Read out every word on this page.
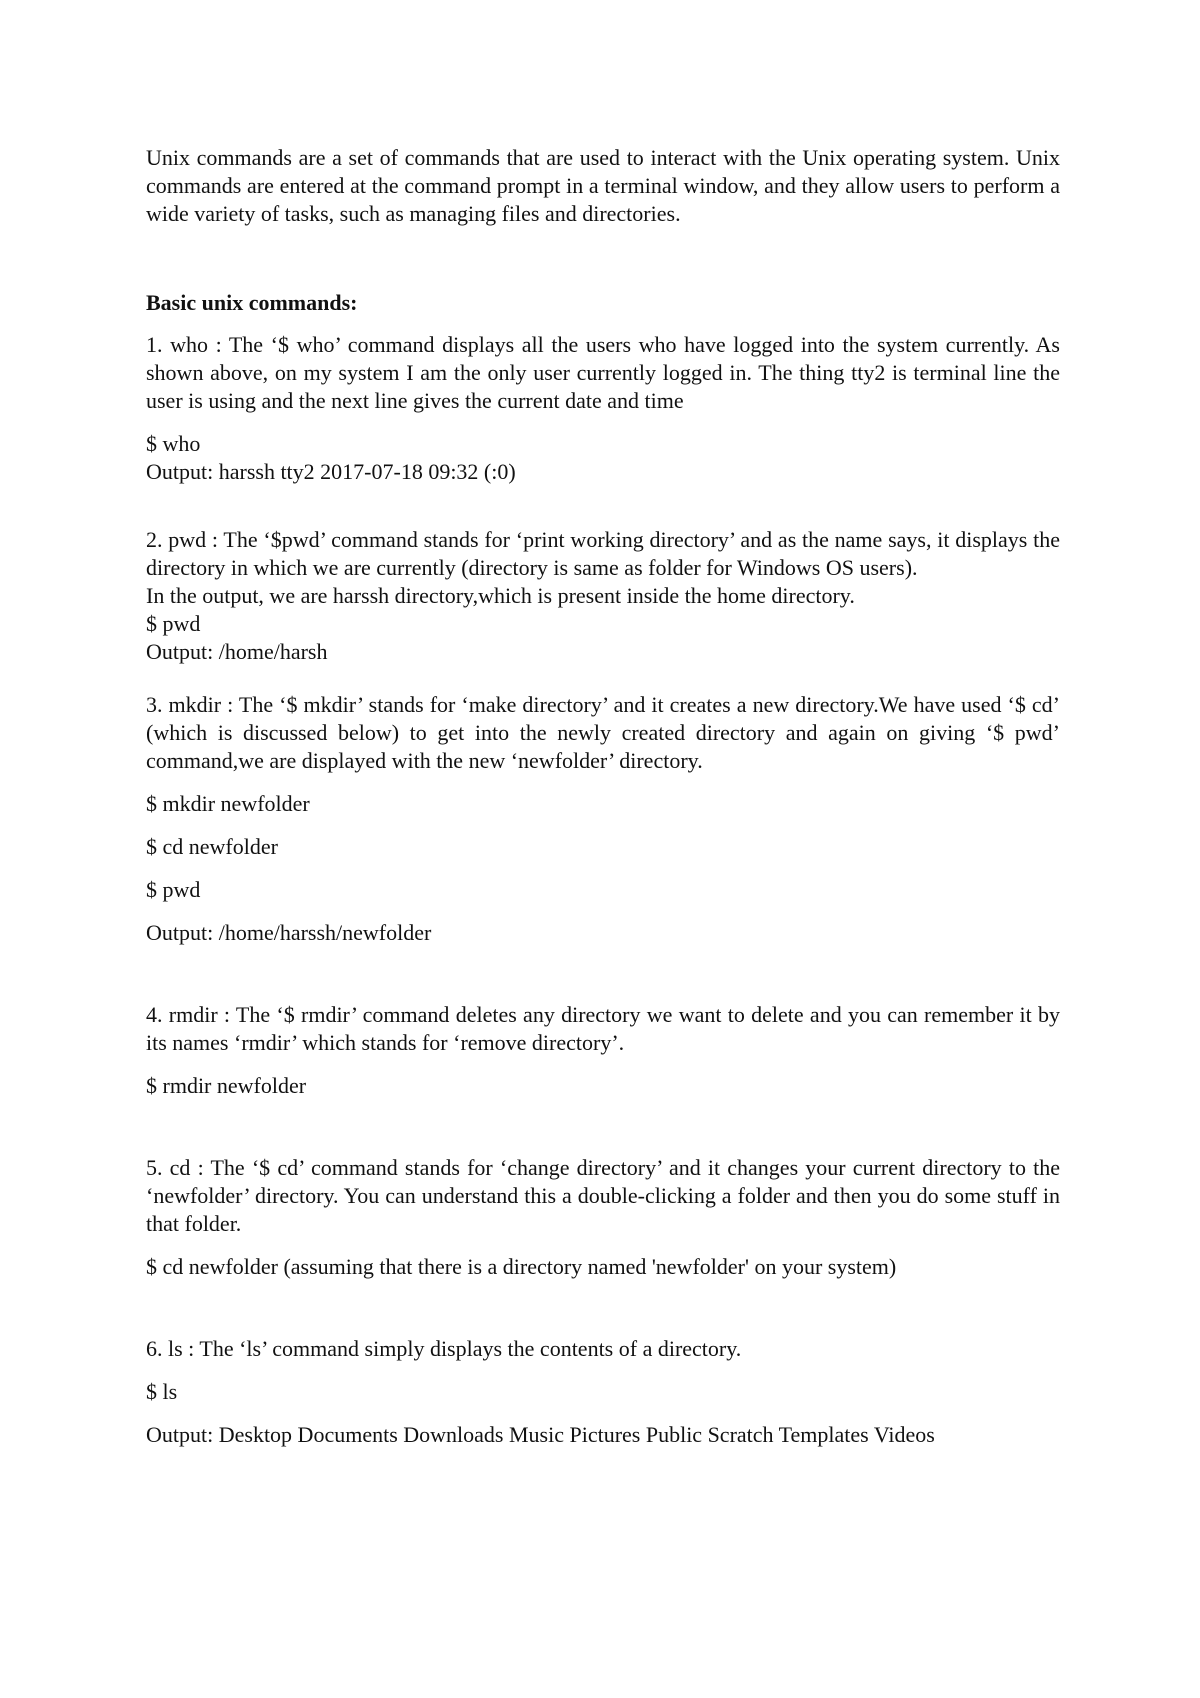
Unix commands are a set of commands that are used to interact with the Unix operating system. Unix commands are entered at the command prompt in a terminal window, and they allow users to perform a wide variety of tasks, such as managing files and directories.

Basic unix commands:

1. who : The ‘$ who’ command displays all the users who have logged into the system currently. As shown above, on my system I am the only user currently logged in. The thing tty2 is terminal line the user is using and the next line gives the current date and time

$ who

Output: harssh tty2 2017-07-18 09:32 (:0)

2. pwd : The ‘$pwd’ command stands for ‘print working directory’ and as the name says, it displays the directory in which we are currently (directory is same as folder for Windows OS users).

In the output, we are harssh directory,which is present inside the home directory.

$ pwd

Output: /home/harsh

3. mkdir : The ‘$ mkdir’ stands for ‘make directory’ and it creates a new directory.We have used ‘$ cd’ (which is discussed below) to get into the newly created directory and again on giving ‘$ pwd’ command,we are displayed with the new ‘newfolder’ directory.

$ mkdir newfolder

$ cd newfolder

$ pwd

Output: /home/harssh/newfolder

4. rmdir : The ‘$ rmdir’ command deletes any directory we want to delete and you can remember it by its names ‘rmdir’ which stands for ‘remove directory’.

$ rmdir newfolder

5. cd : The ‘$ cd’ command stands for ‘change directory’ and it changes your current directory to the ‘newfolder’ directory. You can understand this a double-clicking a folder and then you do some stuff in that folder.

$ cd newfolder (assuming that there is a directory named 'newfolder' on your system)

6. ls : The ‘ls’ command simply displays the contents of a directory.

$ ls

Output: Desktop Documents Downloads Music Pictures Public Scratch Templates Videos
